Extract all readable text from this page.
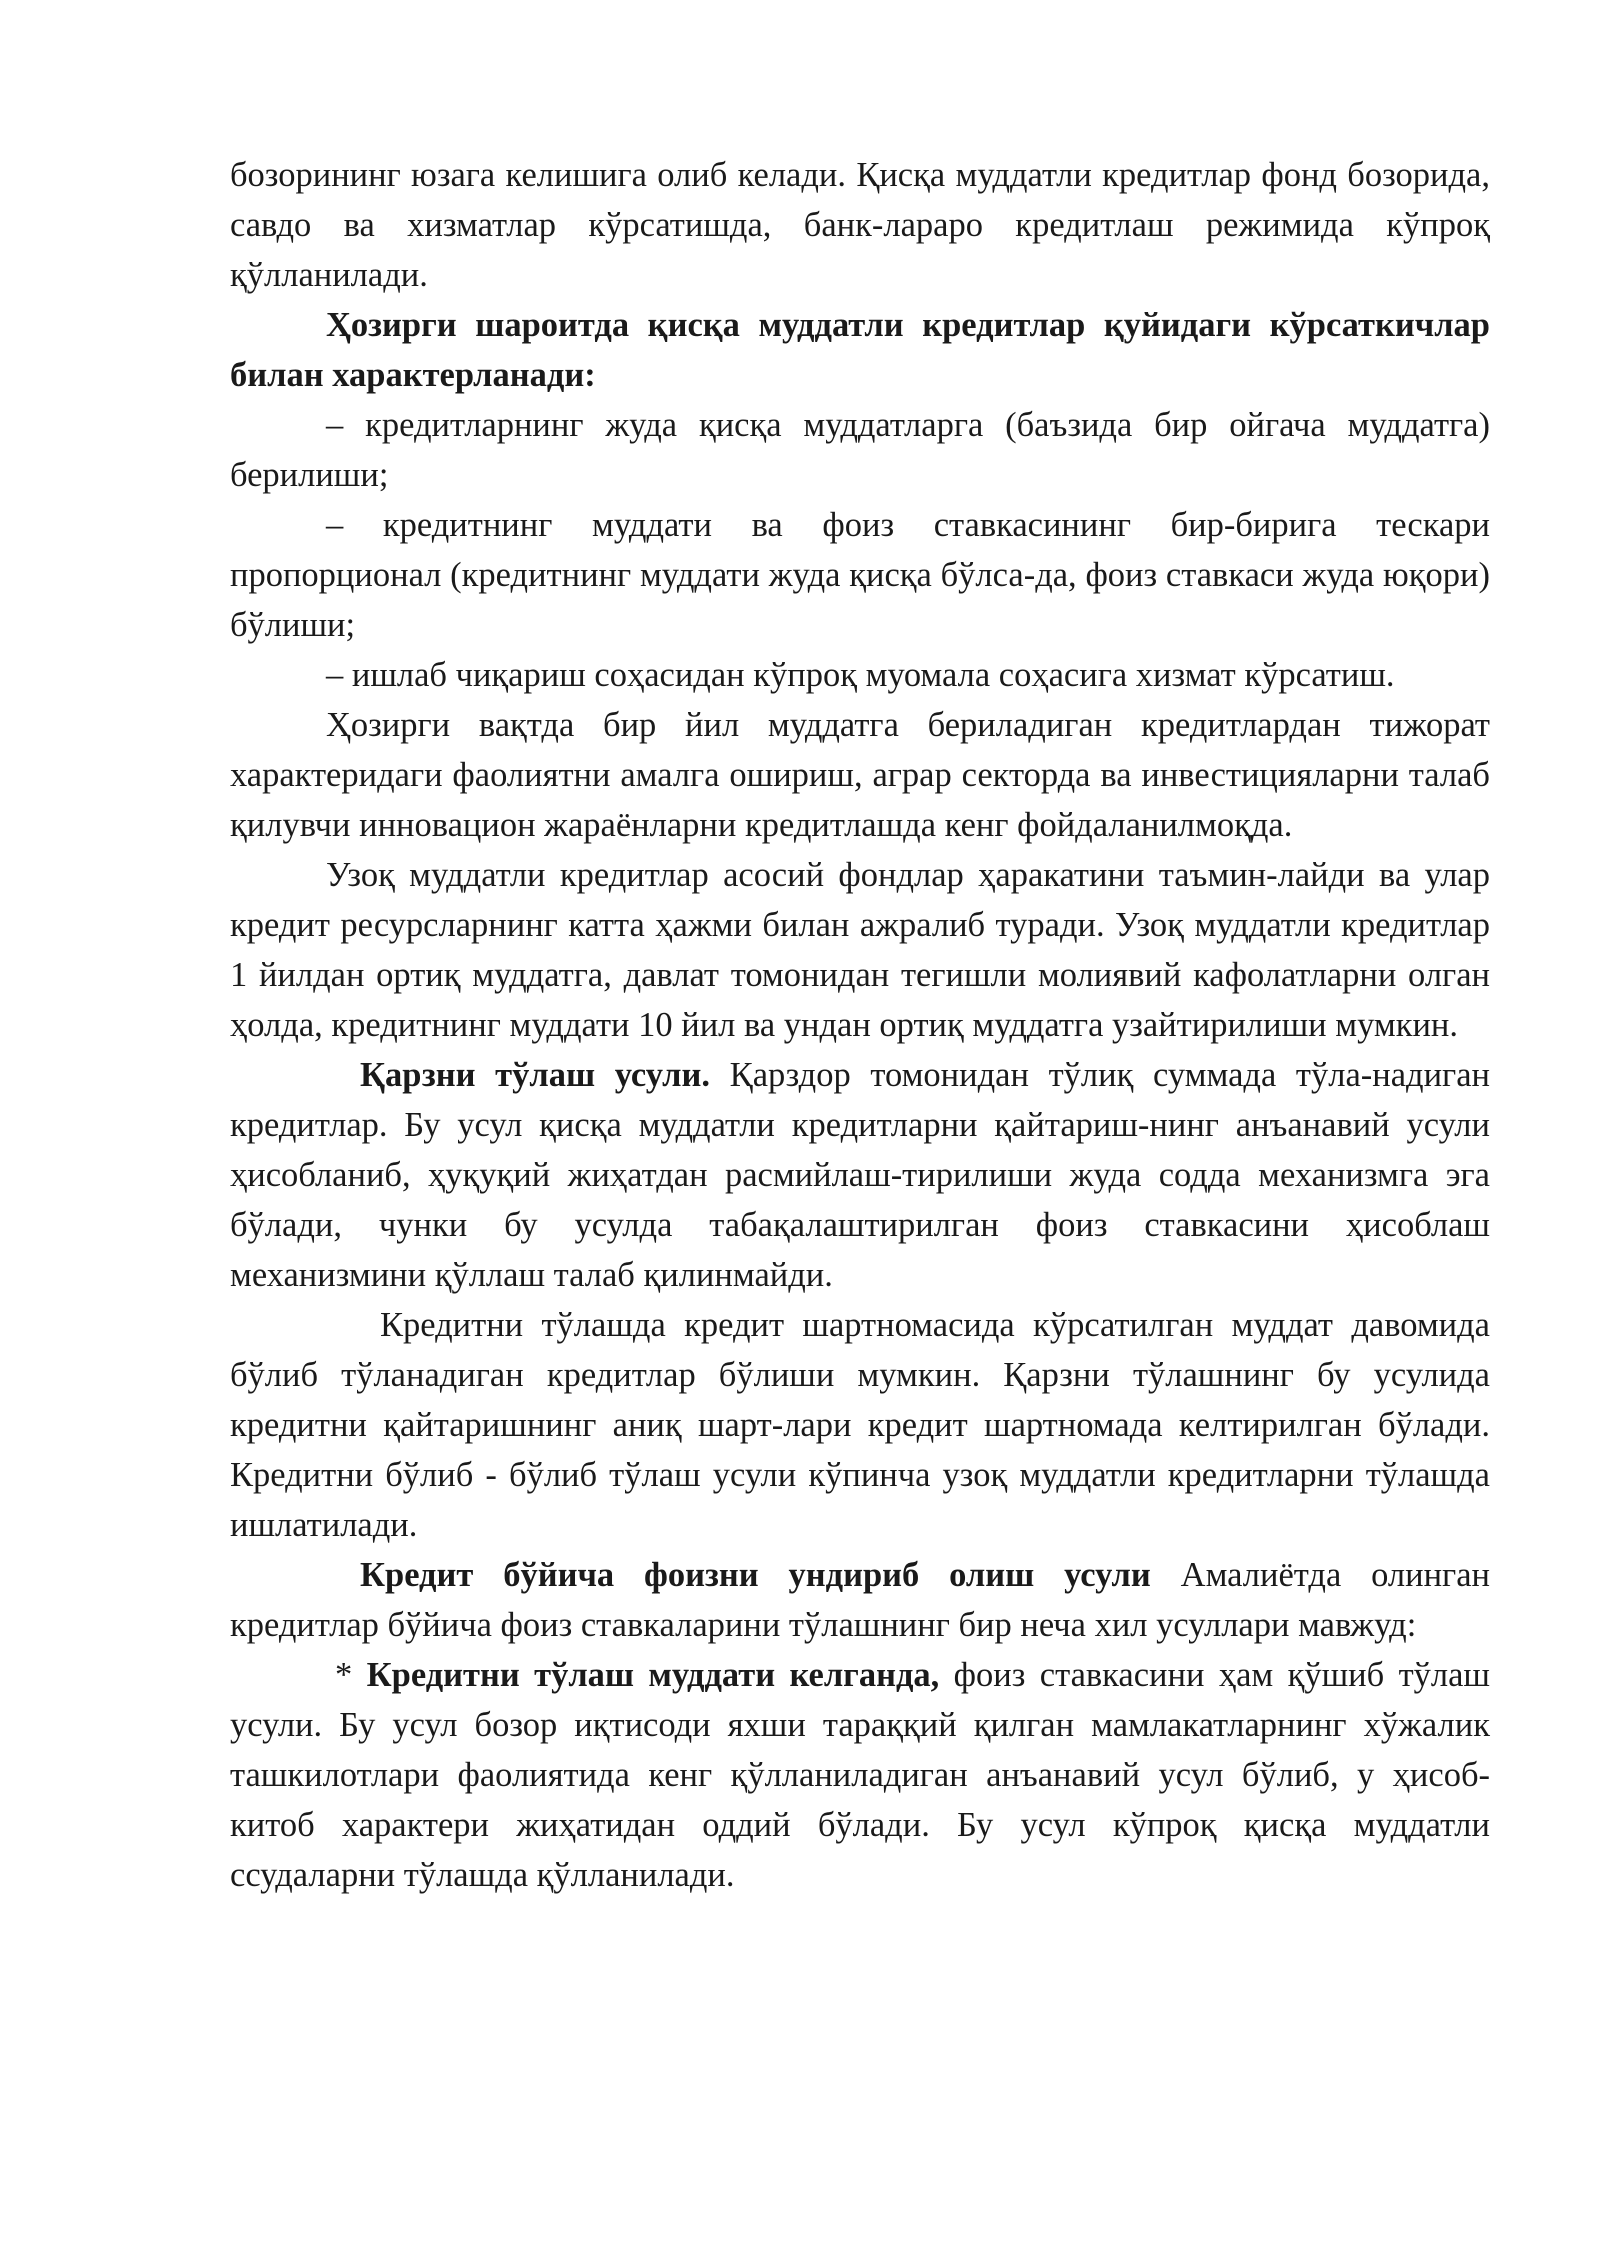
бозорининг юзага келишига олиб келади. Қисқа муддатли кредитлар фонд бозорида, савдо ва хизматлар кўрсатишда, банк-лараро кредитлаш режимида кўпроқ қўлланилади.

Ҳозирги шароитда қисқа муддатли кредитлар қуйидаги кўрсаткичлар билан характерланади:

– кредитларнинг жуда қисқа муддатларга (баъзида бир ойгача муддатга) берилиши;

– кредитнинг муддати ва фоиз ставкасининг бир-бирига тескари пропорционал (кредитнинг муддати жуда қисқа бўлса-да, фоиз ставкаси жуда юқори) бўлиши;

– ишлаб чиқариш соҳасидан кўпроқ муомала соҳасига хизмат кўрсатиш.

Ҳозирги вақтда бир йил муддатга бериладиган кредитлардан тижорат характеридаги фаолиятни амалга ошириш, аграр секторда ва инвестицияларни талаб қилувчи инновацион жараёнларни кредитлашда кенг фойдаланилмоқда.

Узоқ муддатли кредитлар асосий фондлар ҳаракатини таъмин-лайди ва улар кредит ресурсларнинг катта ҳажми билан ажралиб туради. Узоқ муддатли кредитлар 1 йилдан ортиқ муддатга, давлат томонидан тегишли молиявий кафолатларни олган ҳолда, кредитнинг муддати 10 йил ва ундан ортиқ муддатга узайтирилиши мумкин.

Қарзни тўлаш усули. Қарздор томонидан тўлиқ суммада тўла-надиган кредитлар. Бу усул қисқа муддатли кредитларни қайтариш-нинг анъанавий усули ҳисобланиб, ҳуқуқий жиҳатдан расмийлаш-тирилиши жуда содда механизмга эга бўлади, чунки бу усулда табақалаштирилган фоиз ставкасини ҳисоблаш механизмини қўллаш талаб қилинмайди.

Кредитни тўлашда кредит шартномасида кўрсатилган муддат давомида бўлиб тўланадиган кредитлар бўлиши мумкин. Қарзни тўлашнинг бу усулида кредитни қайтаришнинг аниқ шарт-лари кредит шартномада келтирилган бўлади. Кредитни бўлиб - бўлиб тўлаш усули кўпинча узоқ муддатли кредитларни тўлашда ишлатилади.

Кредит бўйича фоизни ундириб олиш усули Амалиётда олинган кредитлар бўйича фоиз ставкаларини тўлашнинг бир неча хил усуллари мавжуд:

* Кредитни тўлаш муддати келганда, фоиз ставкасини ҳам қўшиб тўлаш усули. Бу усул бозор иқтисоди яхши тараққий қилган мамлакатларнинг хўжалик ташкилотлари фаолиятида кенг қўлланиладиган анъанавий усул бўлиб, у ҳисоб-китоб характери жиҳатидан оддий бўлади. Бу усул кўпроқ қисқа муддатли ссудаларни тўлашда қўлланилади.
